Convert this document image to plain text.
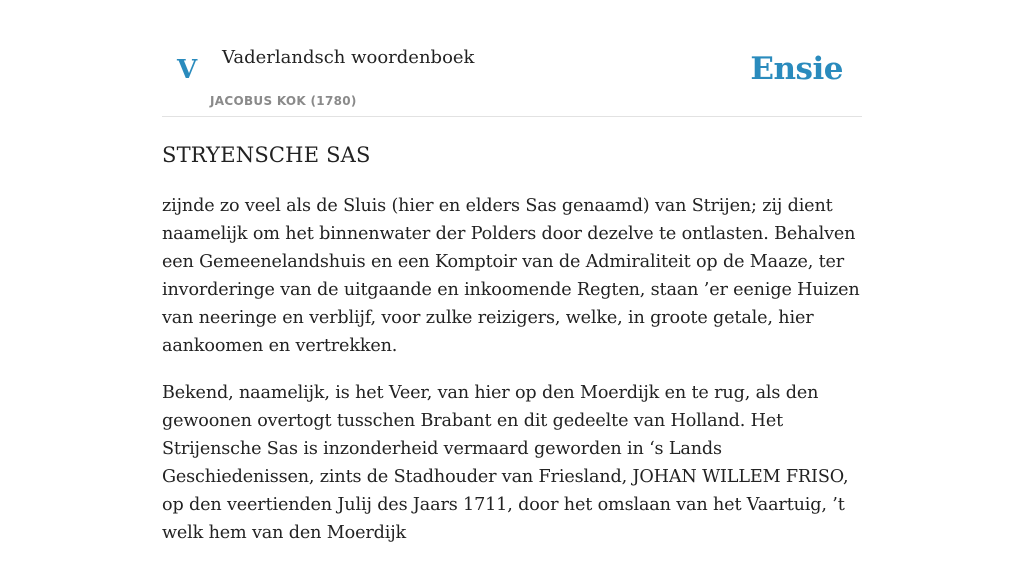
V Vaderlandsch woordenboek
JACOBUS KOK (1780)
Ensie
STRYENSCHE SAS

zijnde zo veel als de Sluis (hier en elders Sas genaamd) van Strijen; zij dient naamelijk om het binnenwater der Polders door dezelve te ontlasten. Behalven een Gemeenelandshuis en een Komptoir van de Admiraliteit op de Maaze, ter invorderinge van de uitgaande en inkoomende Regten, staan ’er eenige Huizen van neeringe en verblijf, voor zulke reizigers, welke, in groote getale, hier aankoomen en vertrekken.

Bekend, naamelijk, is het Veer, van hier op den Moerdijk en te rug, als den gewoonen overtogt tusschen Brabant en dit gedeelte van Holland. Het Strijensche Sas is inzonderheid vermaard geworden in ‘s Lands Geschiedenissen, zints de Stadhouder van Friesland, JOHAN WILLEM FRISO, op den veertienden Julij des Jaars 1711, door het omslaan van het Vaartuig, ’t welk hem van den Moerdijk
